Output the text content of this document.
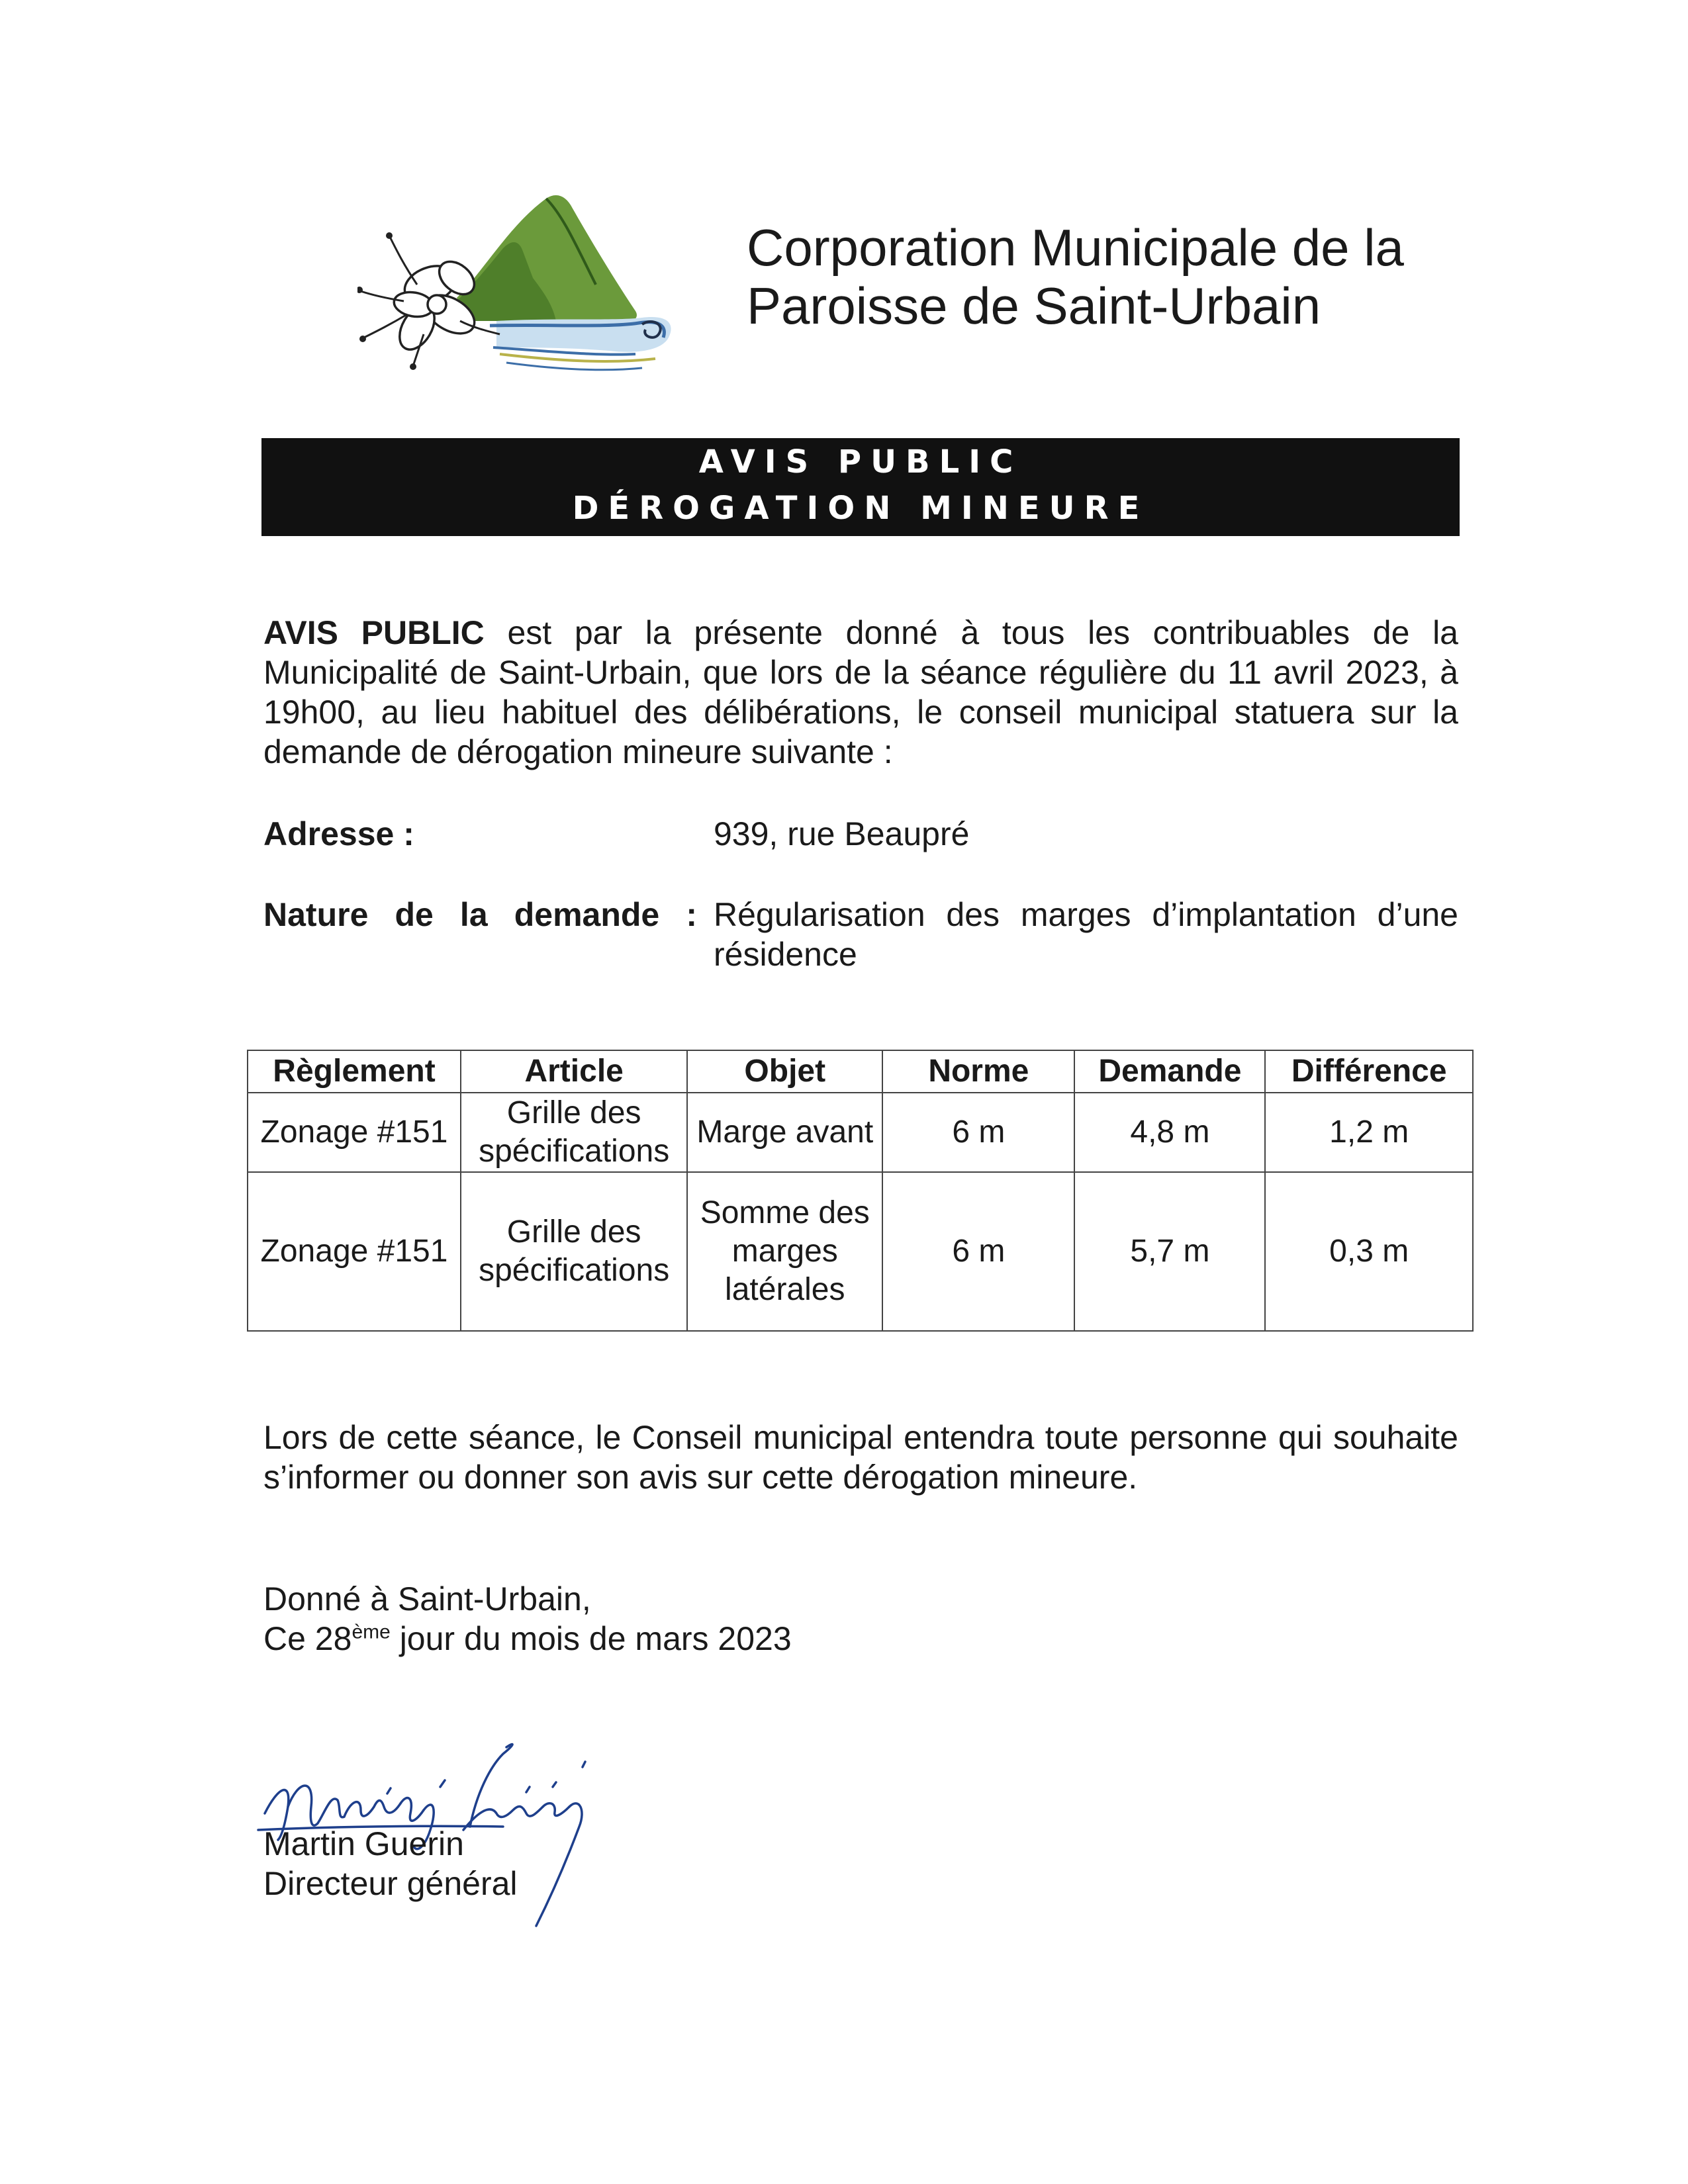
Corporation Municipale de la
Paroisse de Saint-Urbain
AVIS PUBLIC
DÉROGATION MINEURE
AVIS PUBLIC est par la présente donné à tous les contribuables de la Municipalité de Saint-Urbain, que lors de la séance régulière du 11 avril 2023, à 19h00, au lieu habituel des délibérations, le conseil municipal statuera sur la demande de dérogation mineure suivante :
Adresse :	939, rue Beaupré
Nature de la demande : Régularisation des marges d’implantation d’une résidence
Règlement	Article	Objet	Norme	Demande	Différence
Zonage #151	Grille des spécifications	Marge avant	6 m	4,8 m	1,2 m
Zonage #151	Grille des spécifications	Somme des marges latérales	6 m	5,7 m	0,3 m
Lors de cette séance, le Conseil municipal entendra toute personne qui souhaite s’informer ou donner son avis sur cette dérogation mineure.
Donné à Saint-Urbain,
Ce 28ème jour du mois de mars 2023
Martin Guerin
Directeur général
